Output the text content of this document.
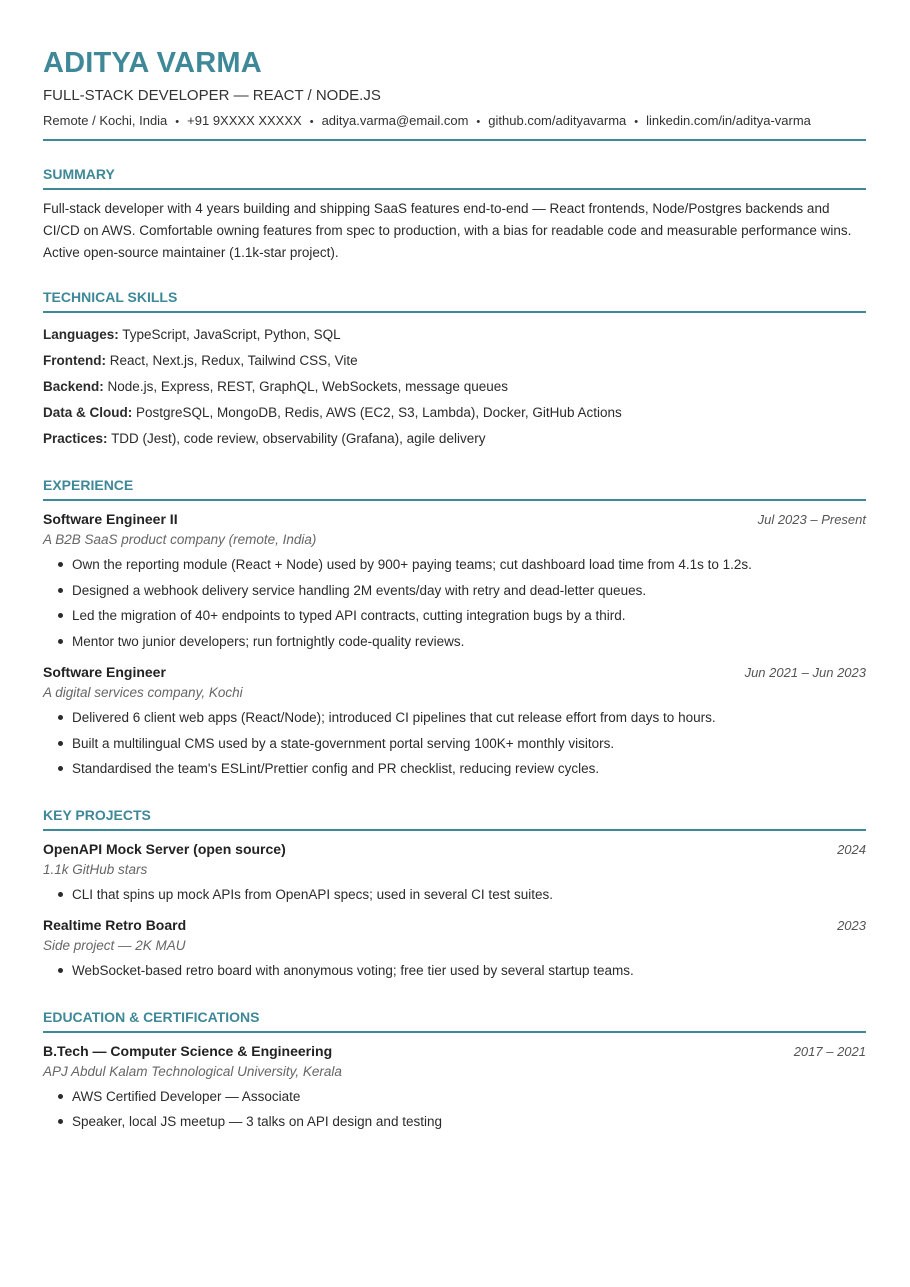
ADITYA VARMA
FULL-STACK DEVELOPER — REACT / NODE.JS
Remote / Kochi, India • +91 9XXXX XXXXX • aditya.varma@email.com • github.com/adityavarma • linkedin.com/in/aditya-varma
SUMMARY
Full-stack developer with 4 years building and shipping SaaS features end-to-end — React frontends, Node/Postgres backends and CI/CD on AWS. Comfortable owning features from spec to production, with a bias for readable code and measurable performance wins. Active open-source maintainer (1.1k-star project).
TECHNICAL SKILLS
Languages: TypeScript, JavaScript, Python, SQL
Frontend: React, Next.js, Redux, Tailwind CSS, Vite
Backend: Node.js, Express, REST, GraphQL, WebSockets, message queues
Data & Cloud: PostgreSQL, MongoDB, Redis, AWS (EC2, S3, Lambda), Docker, GitHub Actions
Practices: TDD (Jest), code review, observability (Grafana), agile delivery
EXPERIENCE
Software Engineer II	Jul 2023 – Present
A B2B SaaS product company (remote, India)
Own the reporting module (React + Node) used by 900+ paying teams; cut dashboard load time from 4.1s to 1.2s.
Designed a webhook delivery service handling 2M events/day with retry and dead-letter queues.
Led the migration of 40+ endpoints to typed API contracts, cutting integration bugs by a third.
Mentor two junior developers; run fortnightly code-quality reviews.
Software Engineer	Jun 2021 – Jun 2023
A digital services company, Kochi
Delivered 6 client web apps (React/Node); introduced CI pipelines that cut release effort from days to hours.
Built a multilingual CMS used by a state-government portal serving 100K+ monthly visitors.
Standardised the team's ESLint/Prettier config and PR checklist, reducing review cycles.
KEY PROJECTS
OpenAPI Mock Server (open source)	2024
1.1k GitHub stars
CLI that spins up mock APIs from OpenAPI specs; used in several CI test suites.
Realtime Retro Board	2023
Side project — 2K MAU
WebSocket-based retro board with anonymous voting; free tier used by several startup teams.
EDUCATION & CERTIFICATIONS
B.Tech — Computer Science & Engineering	2017 – 2021
APJ Abdul Kalam Technological University, Kerala
AWS Certified Developer — Associate
Speaker, local JS meetup — 3 talks on API design and testing
